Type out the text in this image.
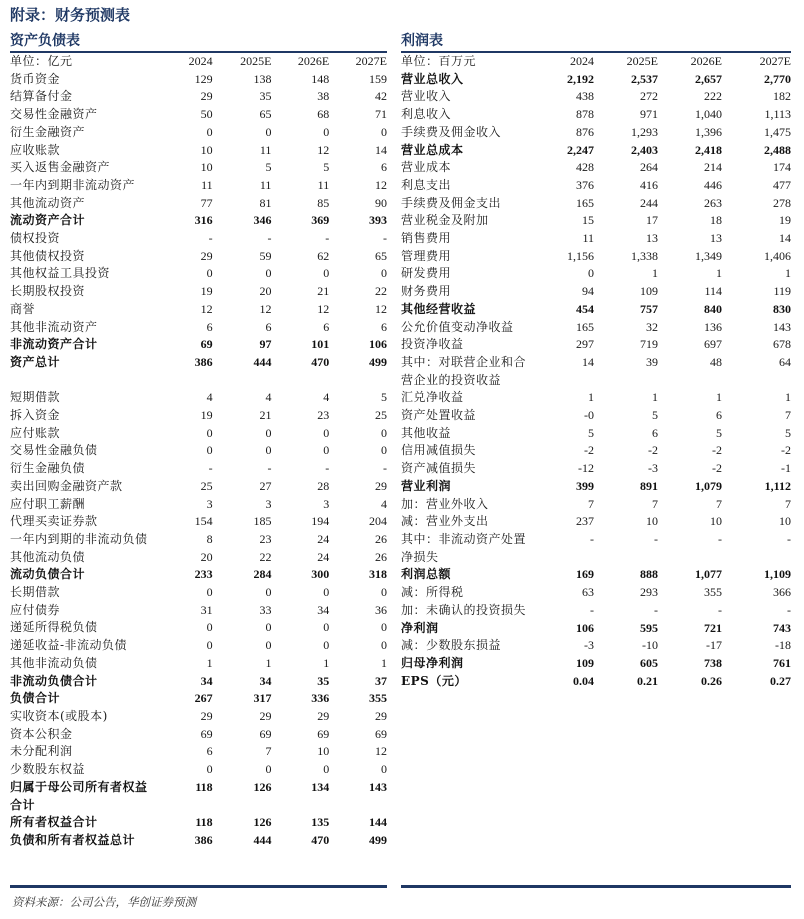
附录：财务预测表
资产负债表
单位：亿元	2024	2025E	2026E	2027E
货币资金	129	138	148	159
结算备付金	29	35	38	42
交易性金融资产	50	65	68	71
衍生金融资产	0	0	0	0
应收账款	10	11	12	14
买入返售金融资产	10	5	5	6
一年内到期非流动资产	11	11	11	12
其他流动资产	77	81	85	90
流动资产合计	316	346	369	393
债权投资	-	-	-	-
其他债权投资	29	59	62	65
其他权益工具投资	0	0	0	0
长期股权投资	19	20	21	22
商誉	12	12	12	12
其他非流动资产	6	6	6	6
非流动资产合计	69	97	101	106
资产总计	386	444	470	499

短期借款	4	4	4	5
拆入资金	19	21	23	25
应付账款	0	0	0	0
交易性金融负债	0	0	0	0
衍生金融负债	-	-	-	-
卖出回购金融资产款	25	27	28	29
应付职工薪酬	3	3	3	4
代理买卖证券款	154	185	194	204
一年内到期的非流动负债	8	23	24	26
其他流动负债	20	22	24	26
流动负债合计	233	284	300	318
长期借款	0	0	0	0
应付债券	31	33	34	36
递延所得税负债	0	0	0	0
递延收益-非流动负债	0	0	0	0
其他非流动负债	1	1	1	1
非流动负债合计	34	34	35	37
负债合计	267	317	336	355
实收资本(或股本)	29	29	29	29
资本公积金	69	69	69	69
未分配利润	6	7	10	12
少数股东权益	0	0	0	0
归属于母公司所有者权益合计	118	126	134	143
所有者权益合计	118	126	135	144
负债和所有者权益总计	386	444	470	499
利润表
单位：百万元	2024	2025E	2026E	2027E
营业总收入	2,192	2,537	2,657	2,770
营业收入	438	272	222	182
利息收入	878	971	1,040	1,113
手续费及佣金收入	876	1,293	1,396	1,475
营业总成本	2,247	2,403	2,418	2,488
营业成本	428	264	214	174
利息支出	376	416	446	477
手续费及佣金支出	165	244	263	278
营业税金及附加	15	17	18	19
销售费用	11	13	13	14
管理费用	1,156	1,338	1,349	1,406
研发费用	0	1	1	1
财务费用	94	109	114	119
其他经营收益	454	757	840	830
公允价值变动净收益	165	32	136	143
投资净收益	297	719	697	678
其中：对联营企业和合营企业的投资收益	14	39	48	64
汇兑净收益	1	1	1	1
资产处置收益	-0	5	6	7
其他收益	5	6	5	5
信用减值损失	-2	-2	-2	-2
资产减值损失	-12	-3	-2	-1
营业利润	399	891	1,079	1,112
加：营业外收入	7	7	7	7
减：营业外支出	237	10	10	10
其中：非流动资产处置净损失	-	-	-	-
利润总额	169	888	1,077	1,109
减：所得税	63	293	355	366
加：未确认的投资损失	-	-	-	-
净利润	106	595	721	743
减：少数股东损益	-3	-10	-17	-18
归母净利润	109	605	738	761
EPS（元）	0.04	0.21	0.26	0.27
资料来源：公司公告，华创证券预测
